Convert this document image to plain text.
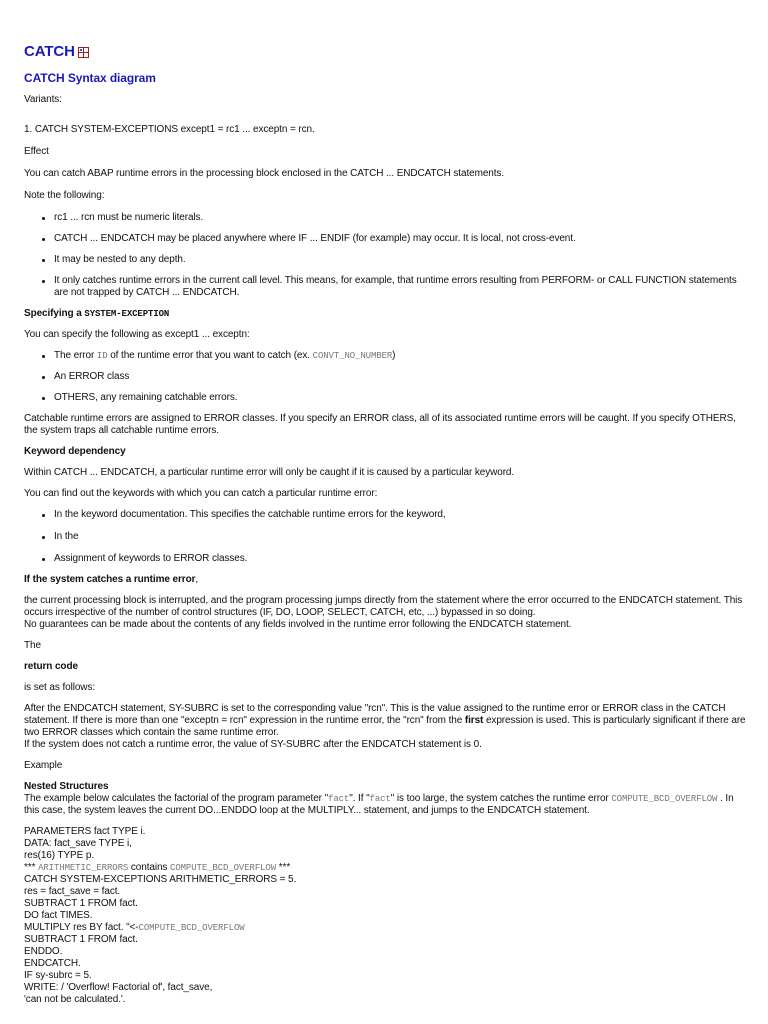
CATCH
CATCH Syntax diagram

Variants:

1. CATCH SYSTEM-EXCEPTIONS except1 = rc1 ... exceptn = rcn.

Effect

You can catch ABAP runtime errors in the processing block enclosed in the CATCH ... ENDCATCH statements.

Note the following:

rc1 ... rcn must be numeric literals.
CATCH ... ENDCATCH may be placed anywhere where IF ... ENDIF (for example) may occur. It is local, not cross-event.
It may be nested to any depth.
It only catches runtime errors in the current call level. This means, for example, that runtime errors resulting from PERFORM- or CALL FUNCTION statements are not trapped by CATCH ... ENDCATCH.

Specifying a SYSTEM-EXCEPTION

You can specify the following as except1 ... exceptn:

The error ID of the runtime error that you want to catch (ex. CONVT_NO_NUMBER)
An ERROR class
OTHERS, any remaining catchable errors.

Catchable runtime errors are assigned to ERROR classes. If you specify an ERROR class, all of its associated runtime errors will be caught. If you specify OTHERS, the system traps all catchable runtime errors.

Keyword dependency

Within CATCH ... ENDCATCH, a particular runtime error will only be caught if it is caused by a particular keyword.

You can find out the keywords with which you can catch a particular runtime error:

In the keyword documentation. This specifies the catchable runtime errors for the keyword,
In the
Assignment of keywords to ERROR classes.

If the system catches a runtime error,

the current processing block is interrupted, and the program processing jumps directly from the statement where the error occurred to the ENDCATCH statement. This occurs irrespective of the number of control structures (IF, DO, LOOP, SELECT, CATCH, etc, ...) bypassed in so doing.

No guarantees can be made about the contents of any fields involved in the runtime error following the ENDCATCH statement.

The

return code

is set as follows:

After the ENDCATCH statement, SY-SUBRC is set to the corresponding value "rcn". This is the value assigned to the runtime error or ERROR class in the CATCH statement. If there is more than one "exceptn = rcn" expression in the runtime error, the "rcn" from the first expression is used. This is particularly significant if there are two ERROR classes which contain the same runtime error.

If the system does not catch a runtime error, the value of SY-SUBRC after the ENDCATCH statement is 0.

Example

Nested Structures

The example below calculates the factorial of the program parameter "fact". If "fact" is too large, the system catches the runtime error COMPUTE_BCD_OVERFLOW . In this case, the system leaves the current DO...ENDDO loop at the MULTIPLY... statement, and jumps to the ENDCATCH statement.

PARAMETERS fact TYPE i.

DATA: fact_save TYPE i,

res(16) TYPE p.

*** ARITHMETIC_ERRORS contains COMPUTE_BCD_OVERFLOW ***

CATCH SYSTEM-EXCEPTIONS ARITHMETIC_ERRORS = 5.

res = fact_save = fact.

SUBTRACT 1 FROM fact.

DO fact TIMES.

MULTIPLY res BY fact. "<-COMPUTE_BCD_OVERFLOW

SUBTRACT 1 FROM fact.

ENDDO.

ENDCATCH.

IF sy-subrc = 5.

WRITE: / 'Overflow! Factorial of', fact_save,

'can not be calculated.'.
